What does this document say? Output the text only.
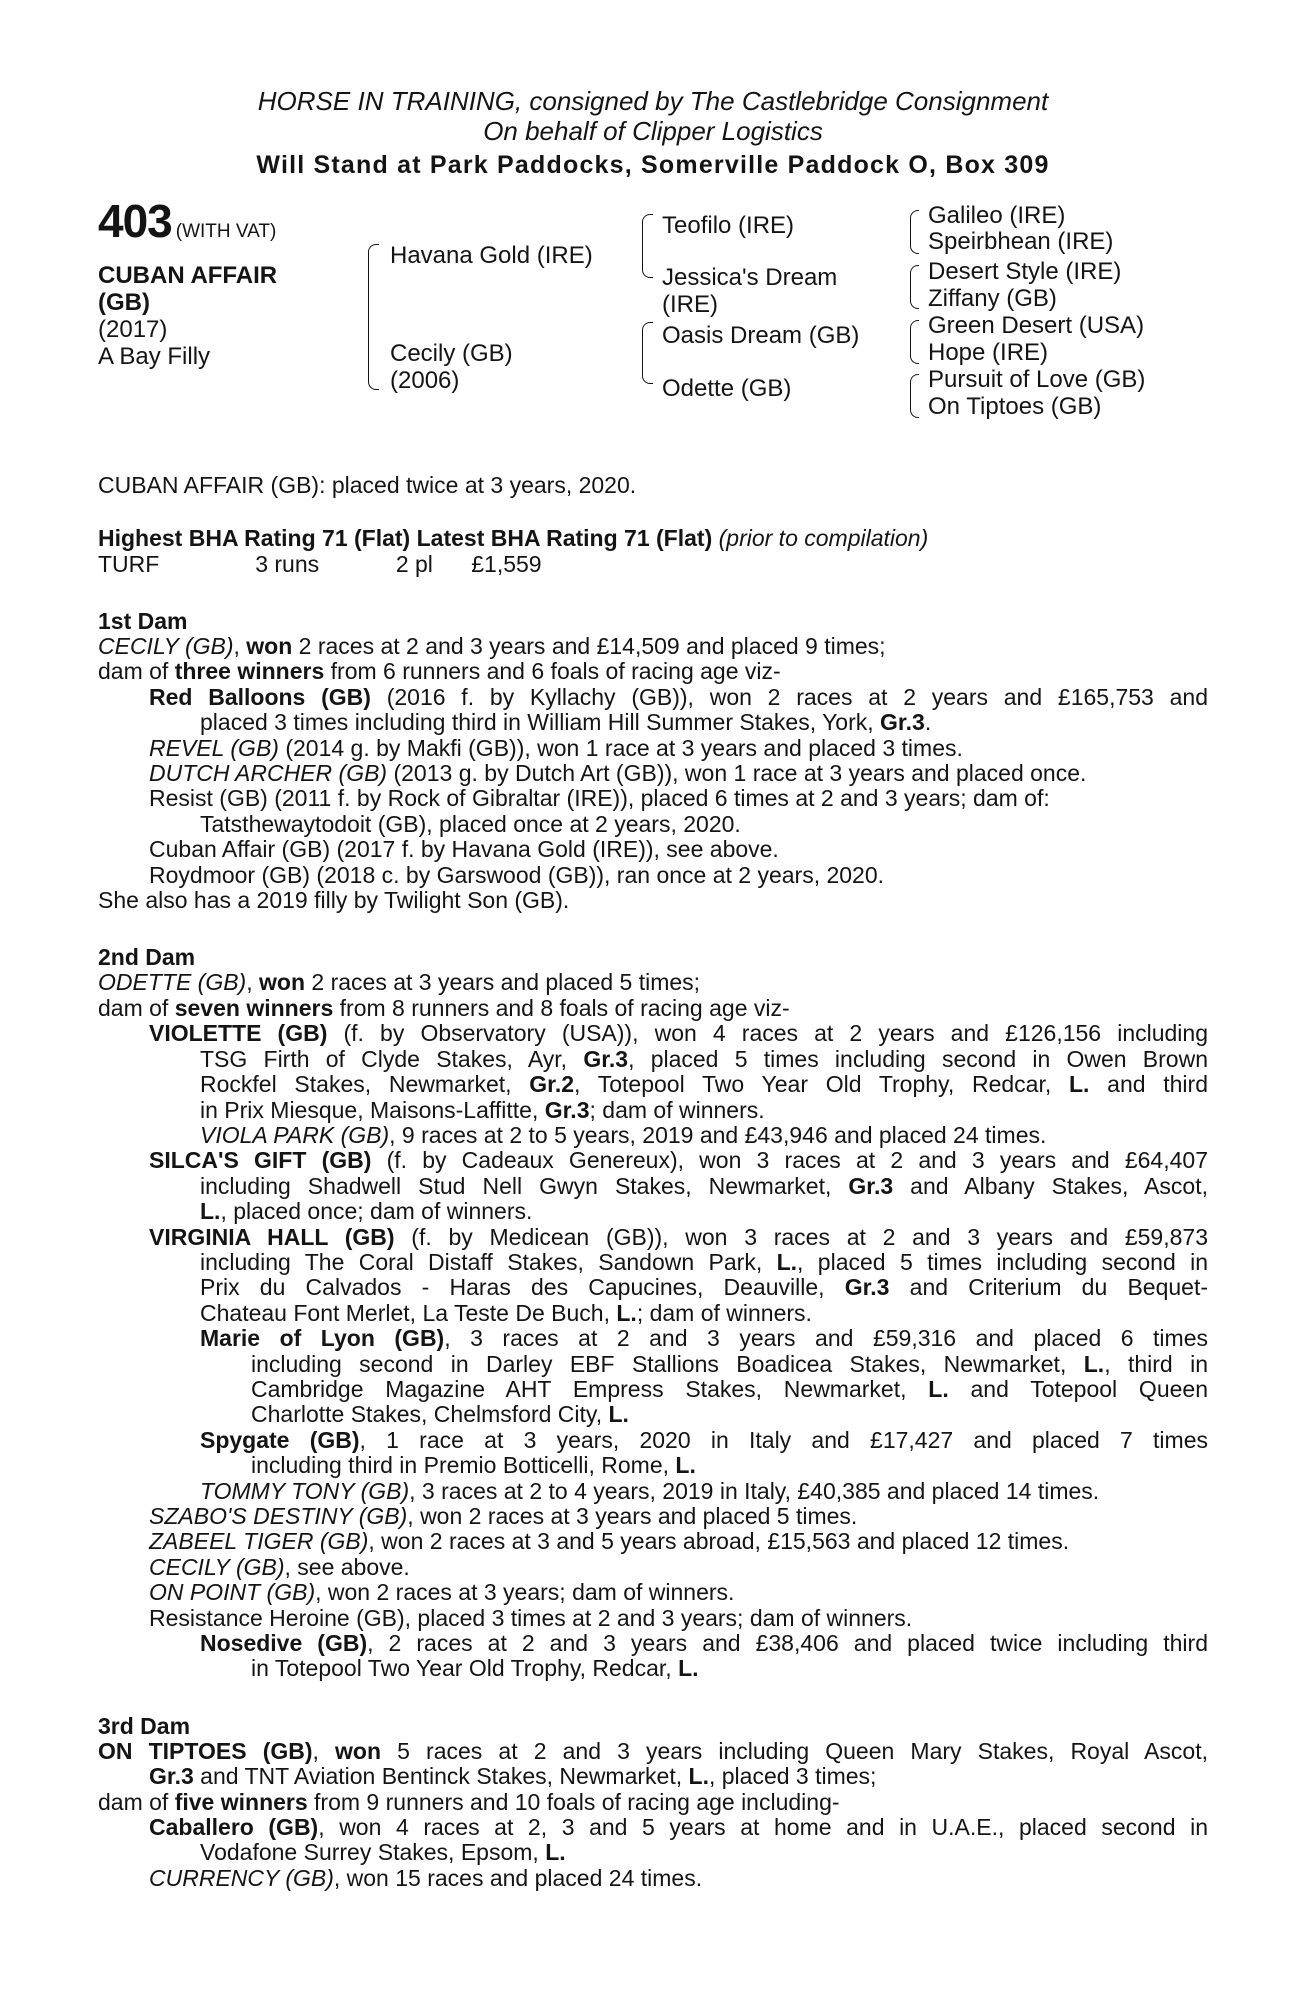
HORSE IN TRAINING, consigned by The Castlebridge Consignment
On behalf of Clipper Logistics
Will Stand at Park Paddocks, Somerville Paddock O, Box 309
403 (WITH VAT)
CUBAN AFFAIR
(GB)
(2017)
A Bay Filly
Havana Gold (IRE)
Cecily (GB)
(2006)
Teofilo (IRE)
Jessica's Dream
(IRE)
Oasis Dream (GB)
Odette (GB)
Galileo (IRE)
Speirbhean (IRE)
Desert Style (IRE)
Ziffany (GB)
Green Desert (USA)
Hope (IRE)
Pursuit of Love (GB)
On Tiptoes (GB)
CUBAN AFFAIR (GB): placed twice at 3 years, 2020.
Highest BHA Rating 71 (Flat) Latest BHA Rating 71 (Flat) (prior to compilation)
TURF	3 runs	2 pl £1,559
1st Dam
CECILY (GB), won 2 races at 2 and 3 years and £14,509 and placed 9 times;
dam of three winners from 6 runners and 6 foals of racing age viz-
Red Balloons (GB) (2016 f. by Kyllachy (GB)), won 2 races at 2 years and £165,753 and
placed 3 times including third in William Hill Summer Stakes, York, Gr.3.
REVEL (GB) (2014 g. by Makfi (GB)), won 1 race at 3 years and placed 3 times.
DUTCH ARCHER (GB) (2013 g. by Dutch Art (GB)), won 1 race at 3 years and placed once.
Resist (GB) (2011 f. by Rock of Gibraltar (IRE)), placed 6 times at 2 and 3 years; dam of:
Tatsthewaytodoit (GB), placed once at 2 years, 2020.
Cuban Affair (GB) (2017 f. by Havana Gold (IRE)), see above.
Roydmoor (GB) (2018 c. by Garswood (GB)), ran once at 2 years, 2020.
She also has a 2019 filly by Twilight Son (GB).
2nd Dam
ODETTE (GB), won 2 races at 3 years and placed 5 times;
dam of seven winners from 8 runners and 8 foals of racing age viz-
VIOLETTE (GB) (f. by Observatory (USA)), won 4 races at 2 years and £126,156 including
TSG Firth of Clyde Stakes, Ayr, Gr.3, placed 5 times including second in Owen Brown
Rockfel Stakes, Newmarket, Gr.2, Totepool Two Year Old Trophy, Redcar, L. and third
in Prix Miesque, Maisons-Laffitte, Gr.3; dam of winners.
VIOLA PARK (GB), 9 races at 2 to 5 years, 2019 and £43,946 and placed 24 times.
SILCA'S GIFT (GB) (f. by Cadeaux Genereux), won 3 races at 2 and 3 years and £64,407
including Shadwell Stud Nell Gwyn Stakes, Newmarket, Gr.3 and Albany Stakes, Ascot,
L., placed once; dam of winners.
VIRGINIA HALL (GB) (f. by Medicean (GB)), won 3 races at 2 and 3 years and £59,873
including The Coral Distaff Stakes, Sandown Park, L., placed 5 times including second in
Prix du Calvados - Haras des Capucines, Deauville, Gr.3 and Criterium du Bequet-
Chateau Font Merlet, La Teste De Buch, L.; dam of winners.
Marie of Lyon (GB), 3 races at 2 and 3 years and £59,316 and placed 6 times
including second in Darley EBF Stallions Boadicea Stakes, Newmarket, L., third in
Cambridge Magazine AHT Empress Stakes, Newmarket, L. and Totepool Queen
Charlotte Stakes, Chelmsford City, L.
Spygate (GB), 1 race at 3 years, 2020 in Italy and £17,427 and placed 7 times
including third in Premio Botticelli, Rome, L.
TOMMY TONY (GB), 3 races at 2 to 4 years, 2019 in Italy, £40,385 and placed 14 times.
SZABO'S DESTINY (GB), won 2 races at 3 years and placed 5 times.
ZABEEL TIGER (GB), won 2 races at 3 and 5 years abroad, £15,563 and placed 12 times.
CECILY (GB), see above.
ON POINT (GB), won 2 races at 3 years; dam of winners.
Resistance Heroine (GB), placed 3 times at 2 and 3 years; dam of winners.
Nosedive (GB), 2 races at 2 and 3 years and £38,406 and placed twice including third
in Totepool Two Year Old Trophy, Redcar, L.
3rd Dam
ON TIPTOES (GB), won 5 races at 2 and 3 years including Queen Mary Stakes, Royal Ascot,
Gr.3 and TNT Aviation Bentinck Stakes, Newmarket, L., placed 3 times;
dam of five winners from 9 runners and 10 foals of racing age including-
Caballero (GB), won 4 races at 2, 3 and 5 years at home and in U.A.E., placed second in
Vodafone Surrey Stakes, Epsom, L.
CURRENCY (GB), won 15 races and placed 24 times.
